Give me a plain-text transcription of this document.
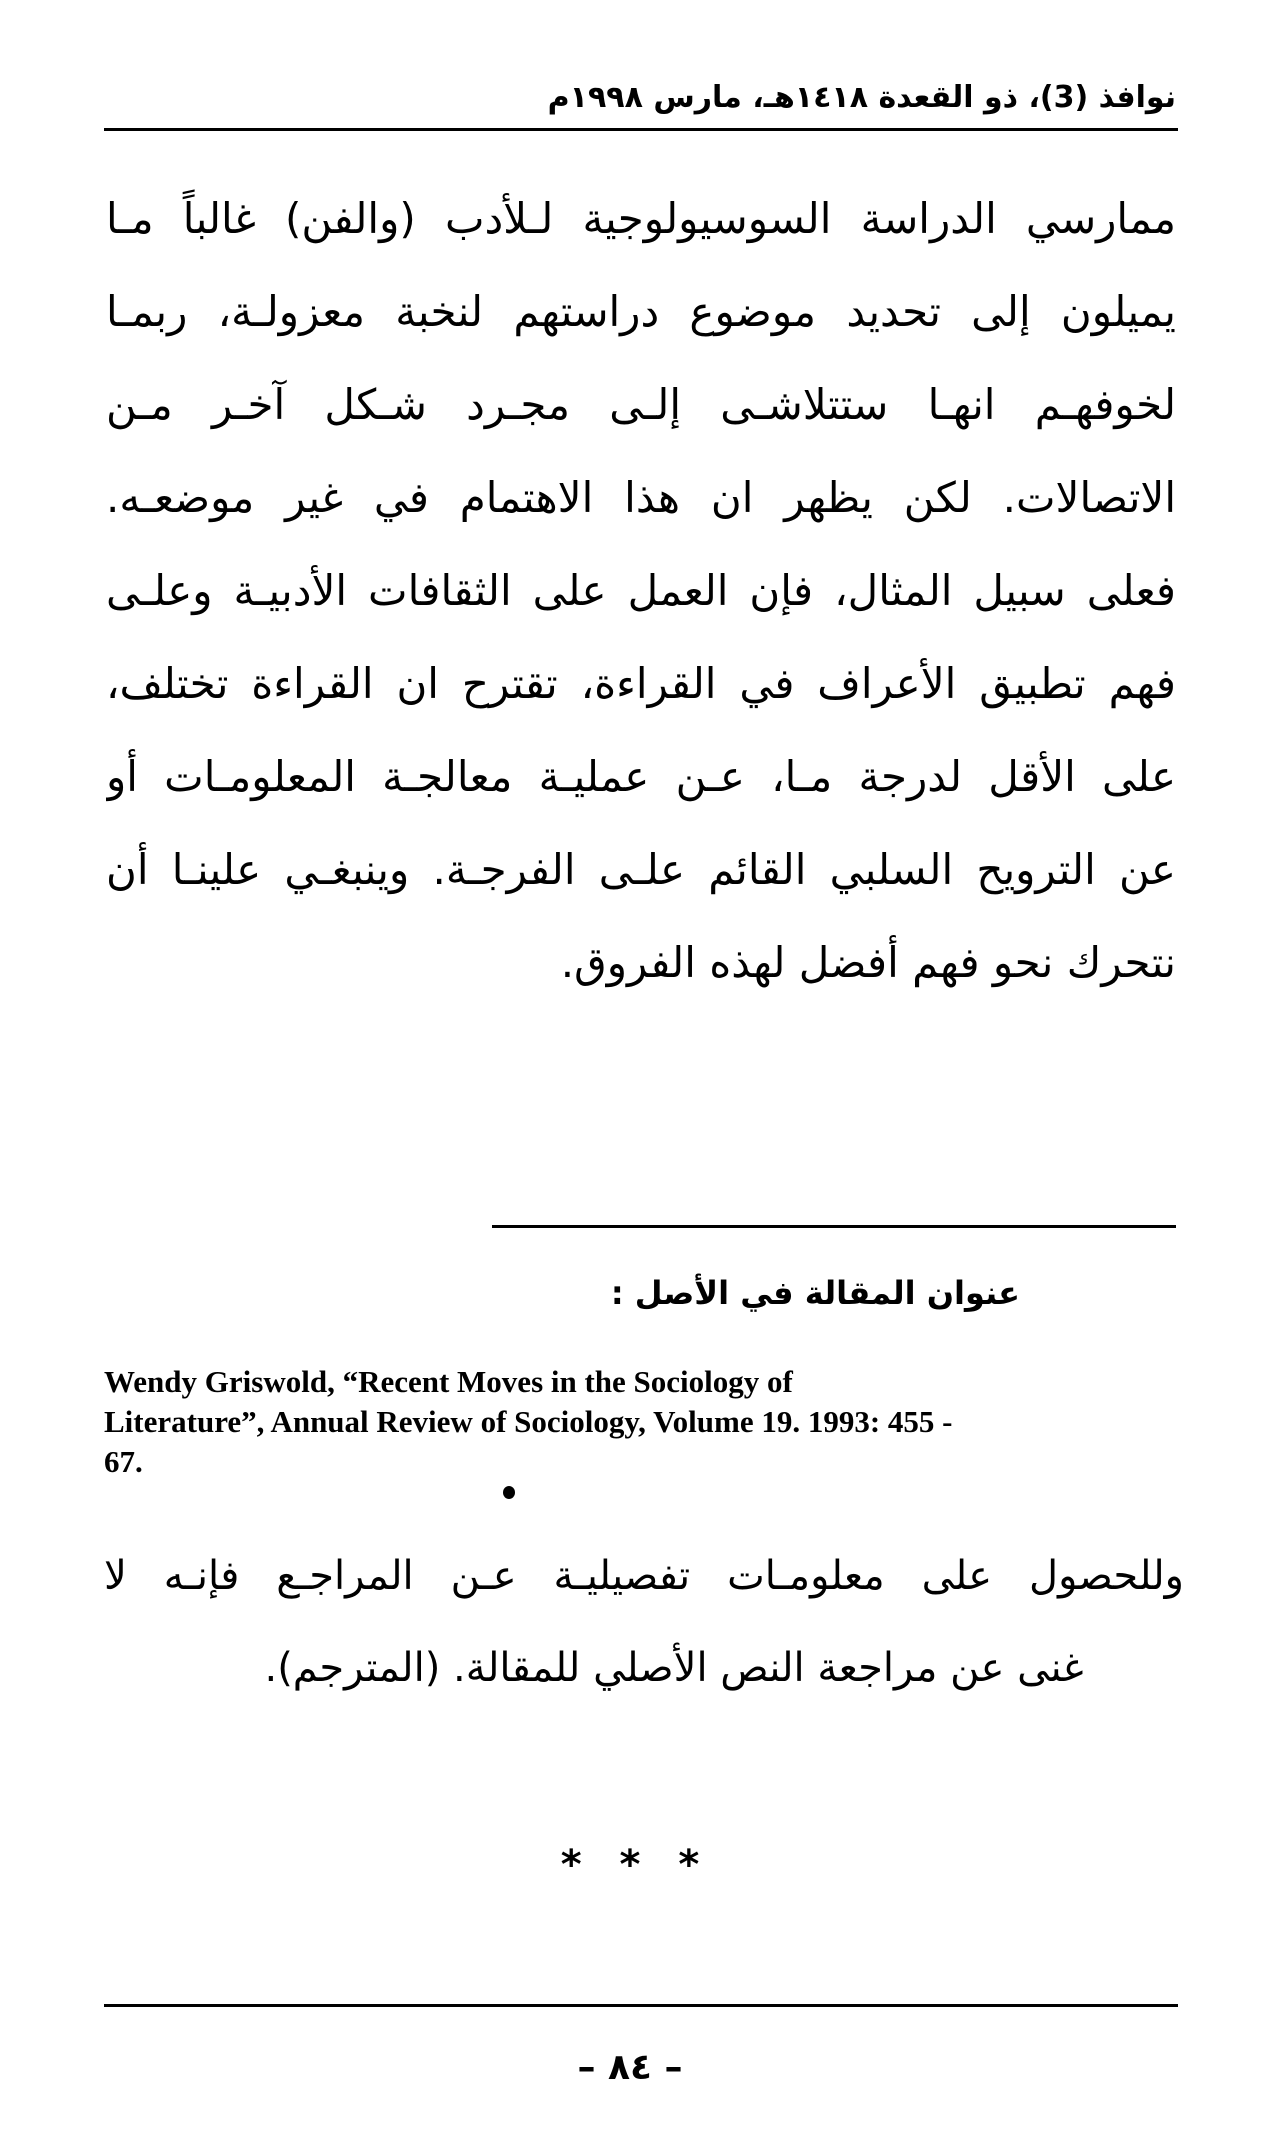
نوافذ (3)، ذو القعدة ١٤١٨هـ، مارس ١٩٩٨م
ممارسي الدراسة السوسيولوجية لـلأدب (والفن) غالباً مـا
يميلون إلى تحديد موضوع دراستهم لنخبة معزولـة، ربمـا
لخوفهـم انهـا ستتلاشـى إلـى مجـرد شـكل آخـر مـن
الاتصالات. لكن يظهر ان هذا الاهتمام في غير موضعـه.
فعلى سبيل المثال، فإن العمل على الثقافات الأدبيـة وعلـى
فهم تطبيق الأعراف في القراءة، تقترح ان القراءة تختلف،
على الأقل لدرجة مـا، عـن عمليـة معالجـة المعلومـات أو
عن الترويح السلبي القائم علـى الفرجـة. وينبغـي علينـا أن
نتحرك نحو فهم أفضل لهذه الفروق.
عنوان المقالة في الأصل :
Wendy Griswold, “Recent Moves in the Sociology of
Literature”, Annual Review of Sociology, Volume 19. 1993: 455 -
67.
وللحصول على معلومـات تفصيليـة عـن المراجـع فإنـه لا
غنى عن مراجعة النص الأصلي للمقالة. (المترجم).
* * *
– ٨٤ –
